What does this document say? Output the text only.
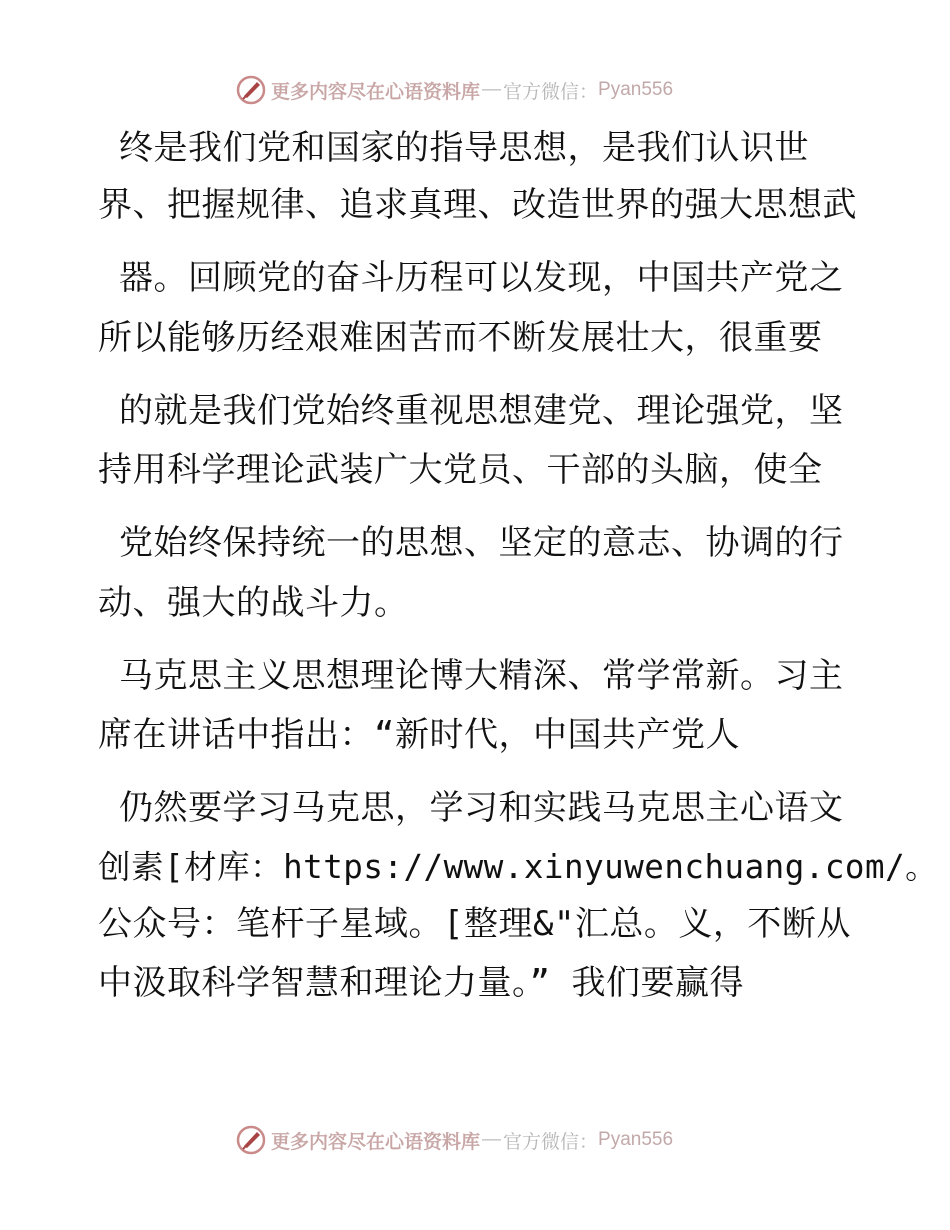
更多内容尽在心语资料库 — 官方微信： Pyan556
终是我们党和国家的指导思想，是我们认识世
界、把握规律、追求真理、改造世界的强大思想武
器。回顾党的奋斗历程可以发现，中国共产党之
所以能够历经艰难困苦而不断发展壮大，很重要
的就是我们党始终重视思想建党、理论强党，坚
持用科学理论武装广大党员、干部的头脑，使全
党始终保持统一的思想、坚定的意志、协调的行
动、强大的战斗力。
马克思主义思想理论博大精深、常学常新。习主
席在讲话中指出：“新时代，中国共产党人
仍然要学习马克思，学习和实践马克思主心语文
创素[材库：https://www.xinyuwenchuang.com/。
公众号：笔杆子星域。[整理&"汇总。义，不断从
中汲取科学智慧和理论力量。” 我们要赢得
更多内容尽在心语资料库 — 官方微信： Pyan556
